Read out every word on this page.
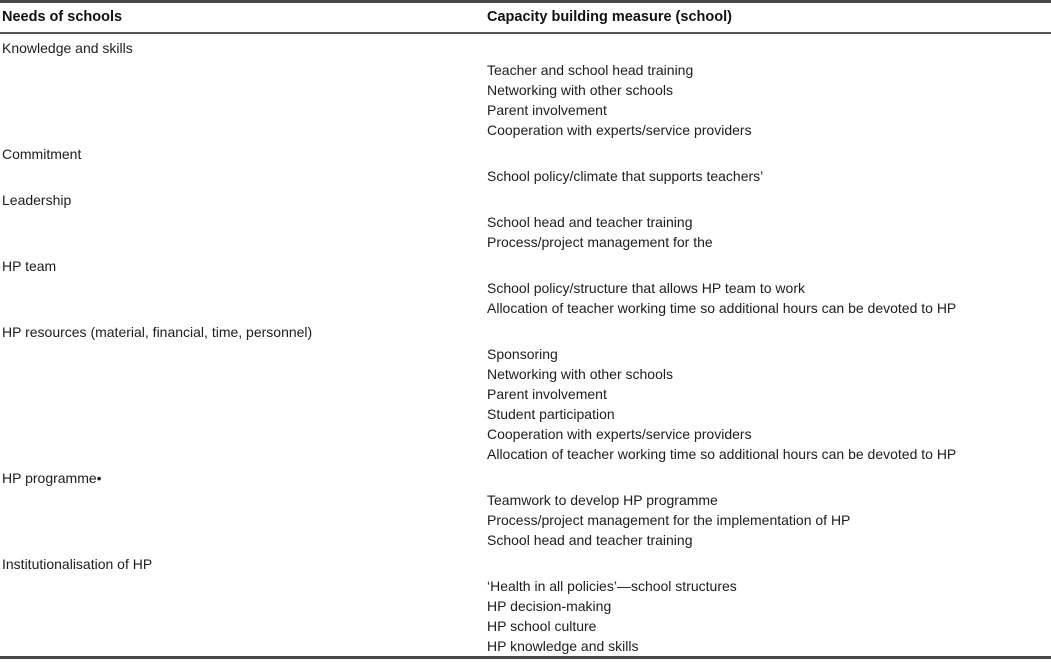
Needs of schools	Capacity building measure (school)
Knowledge and skills
Teacher and school head training
Networking with other schools
Parent involvement
Cooperation with experts/service providers
Commitment
School policy/climate that supports teachers’
Leadership
School head and teacher training
Process/project management for the
HP team
School policy/structure that allows HP team to work
Allocation of teacher working time so additional hours can be devoted to HP
HP resources (material, financial, time, personnel)
Sponsoring
Networking with other schools
Parent involvement
Student participation
Cooperation with experts/service providers
Allocation of teacher working time so additional hours can be devoted to HP
HP programme•
Teamwork to develop HP programme
Process/project management for the implementation of HP
School head and teacher training
Institutionalisation of HP
‘Health in all policies’—school structures
HP decision-making
HP school culture
HP knowledge and skills
